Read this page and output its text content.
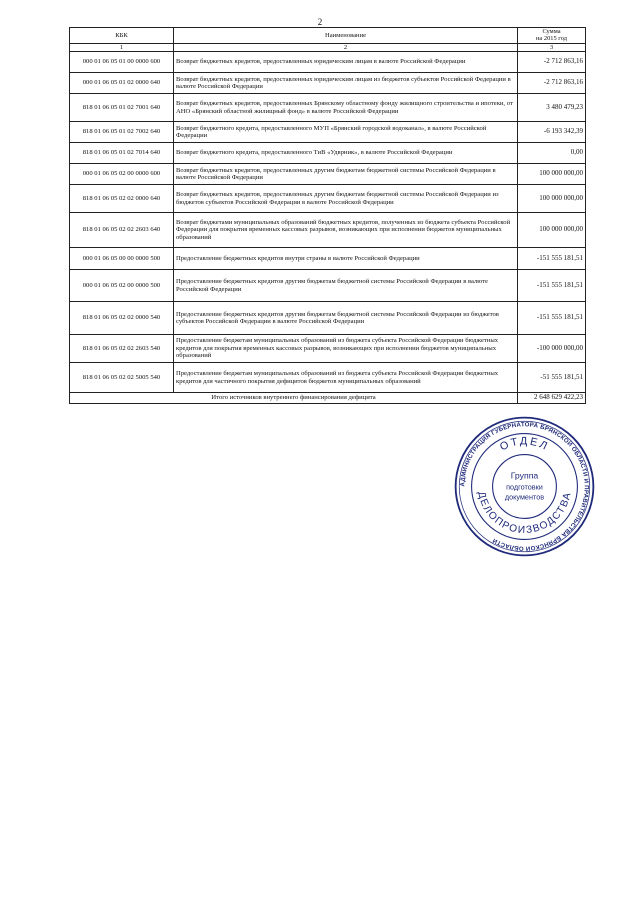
2
КБК	Наименование	Сумма
на 2015 год
1	2	3
000 01 06 05 01 00 0000 600	Возврат бюджетных кредитов, предоставленных юридическим лицам в валюте Российской Федерации	-2 712 863,16
000 01 06 05 01 02 0000 640	Возврат бюджетных кредитов, предоставленных юридическим лицам из бюджетов субъектов Российской Федерации в валюте Российской Федерации	-2 712 863,16
818 01 06 05 01 02 7001 640	Возврат бюджетных кредитов, предоставленных Брянскому областному фонду жилищного строительства и ипотеки, от АНО «Брянский областной жилищный фонд» в валюте Российской Федерации	3 480 479,23
818 01 06 05 01 02 7002 640	Возврат бюджетного кредита, предоставленного МУП «Брянский городской водоканал», в валюте Российской Федерации	-6 193 342,39
818 01 06 05 01 02 7014 640	Возврат бюджетного кредита, предоставленного ТиВ «Удврник», в валюте Российской Федерации	0,00
000 01 06 05 02 00 0000 600	Возврат бюджетных кредитов, предоставленных другим бюджетам бюджетной системы Российской Федерации в валюте Российской Федерации	100 000 000,00
818 01 06 05 02 02 0000 640	Возврат бюджетных кредитов, предоставленных другим бюджетам бюджетной системы Российской Федерации из бюджетов субъектов Российской Федерации в валюте Российской Федерации	100 000 000,00
818 01 06 05 02 02 2603 640	Возврат бюджетами муниципальных образований бюджетных кредитов, полученных из бюджета субъекта Российской Федерации для покрытия временных кассовых разрывов, возникающих при исполнении бюджетов муниципальных образований	100 000 000,00
000 01 06 05 00 00 0000 500	Предоставление бюджетных кредитов внутри страны в валюте Российской Федерации	-151 555 181,51
000 01 06 05 02 00 0000 500	Предоставление бюджетных кредитов другим бюджетам бюджетной системы Российской Федерации в валюте Российской Федерации	-151 555 181,51
818 01 06 05 02 02 0000 540	Предоставление бюджетных кредитов другим бюджетам бюджетной системы Российской Федерации из бюджетов субъектов Российской Федерации в валюте Российской Федерации	-151 555 181,51
818 01 06 05 02 02 2603 540	Предоставление бюджетам муниципальных образований из бюджета субъекта Российской Федерации бюджетных кредитов для покрытия временных кассовых разрывов, возникающих при исполнении бюджетов муниципальных образований	-100 000 000,00
818 01 06 05 02 02 5005 540	Предоставление бюджетам муниципальных образований из бюджета субъекта Российской Федерации бюджетных кредитов для частичного покрытия дефицитов бюджетов муниципальных образований	-51 555 181,51
Итого источников внутреннего финансирования дефицита		2 648 629 422,23
АДМИНИСТРАЦИЯ ГУБЕРНАТОРА БРЯНСКОЙ ОБЛАСТИ И ПРАВИТЕЛЬСТВА БРЯНСКОЙ ОБЛАСТИ
ОТДЕЛ
ДЕЛОПРОИЗВОДСТВА
Группа
подготовки
документов
